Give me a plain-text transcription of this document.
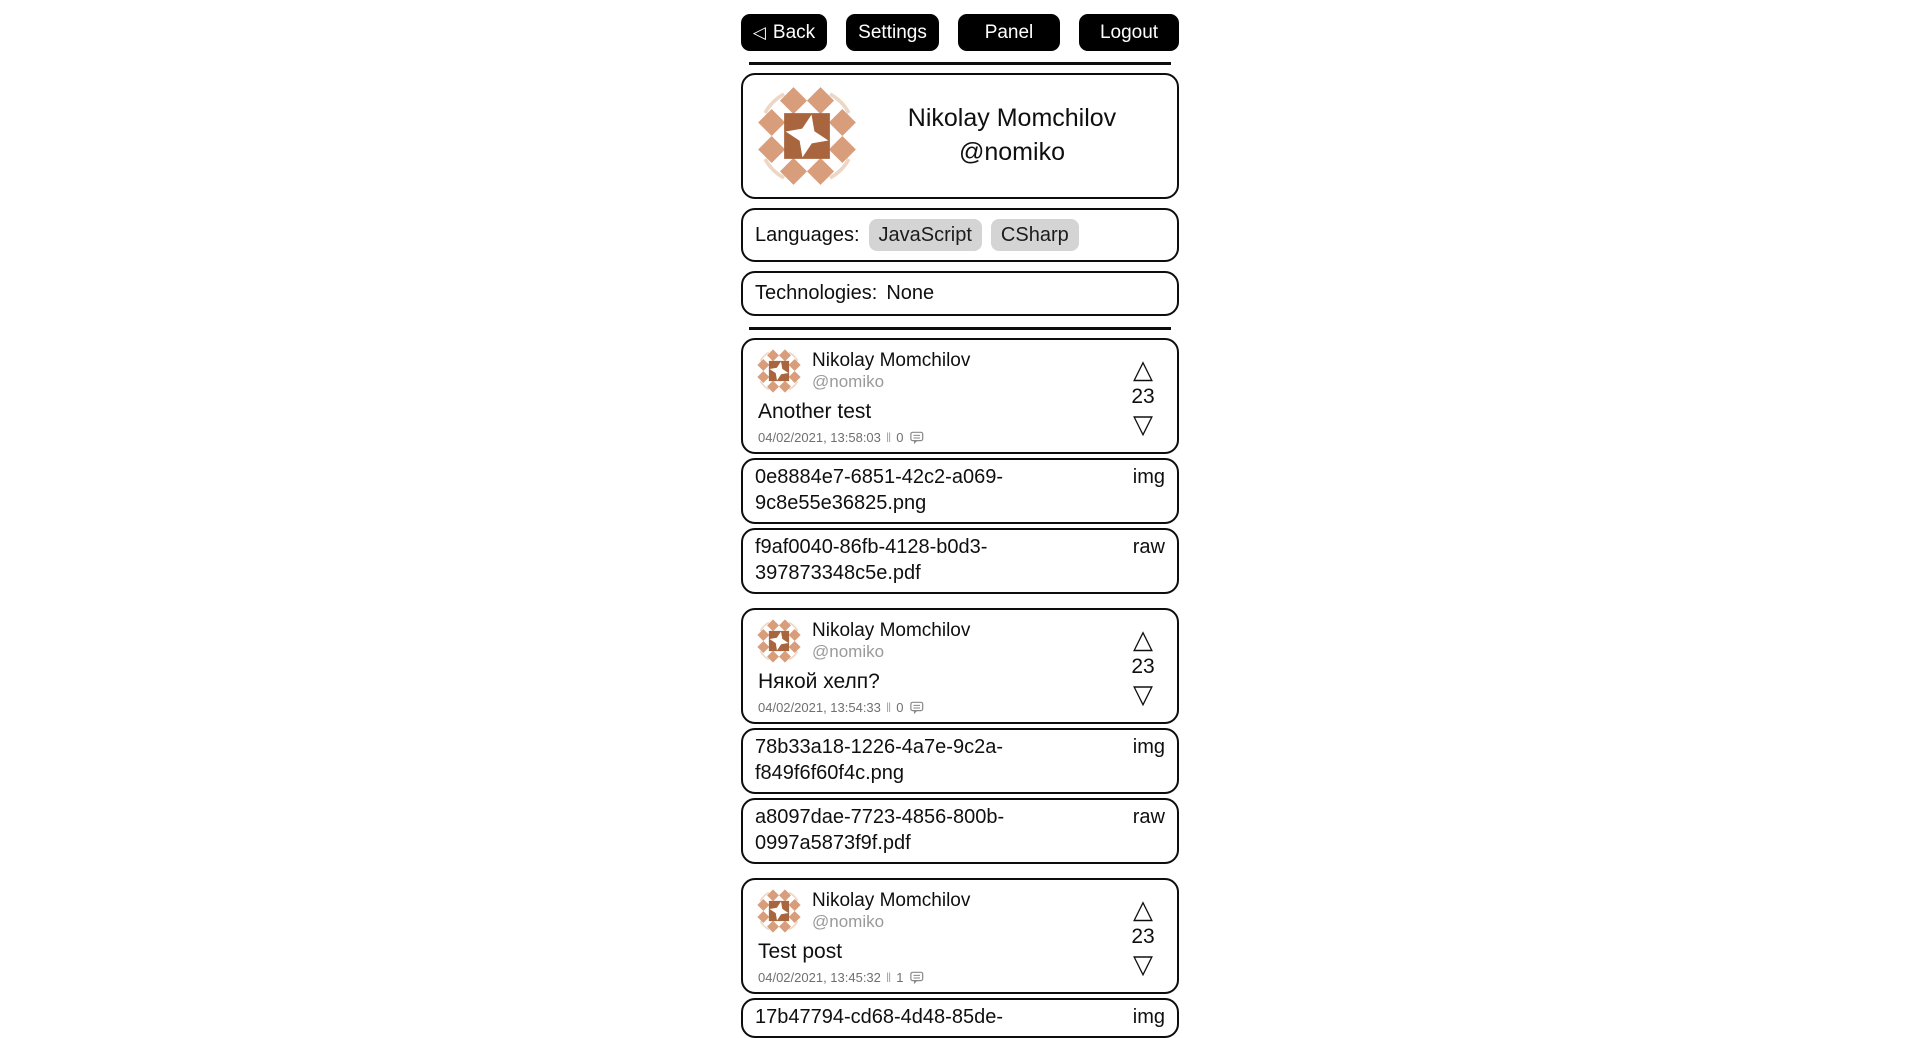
◁ Back	Settings	Panel	Logout
Nikolay Momchilov
@nomiko
Languages: JavaScript	CSharp
Technologies: None
Nikolay Momchilov
@nomiko
Another test
04/02/2021, 13:58:03 ‖ 0
△
23
▽
0e8884e7-6851-42c2-a069-9c8e55e36825.png
img
f9af0040-86fb-4128-b0d3-397873348c5e.pdf
raw
Nikolay Momchilov
@nomiko
Някой хелп?
04/02/2021, 13:54:33 ‖ 0
△
23
▽
78b33a18-1226-4a7e-9c2a-f849f6f60f4c.png
img
a8097dae-7723-4856-800b-0997a5873f9f.pdf
raw
Nikolay Momchilov
@nomiko
Test post
04/02/2021, 13:45:32 ‖ 1
△
23
▽
17b47794-cd68-4d48-85de-	img
